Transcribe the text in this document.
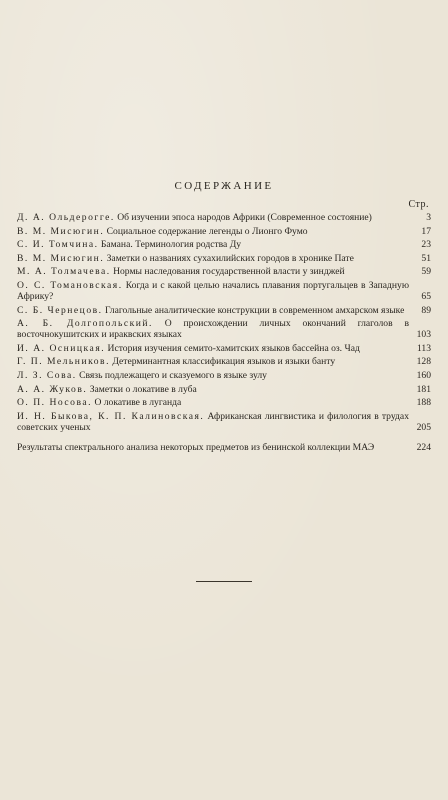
СОДЕРЖАНИЕ
Стр.
Д. А. Ольдерогге. Об изучении эпоса народов Африки (Современное состояние)	3
В. М. Мисюгин. Социальное содержание легенды о Лионго Фумо	17
С. И. Томчина. Бамана. Терминология родства Ду	23
В. М. Мисюгин. Заметки о названиях сухахилийских городов в хронике Пате	51
М. А. Толмачева. Нормы наследования государственной власти у зинджей	59
О. С. Томановская. Когда и с какой целью начались плавания португальцев в Западную Африку?	65
С. Б. Чернецов. Глагольные аналитические конструкции в современном амхарском языке	89
А. Б. Долгопольский. О происхождении личных окончаний глаголов в восточнокушитских и ираквских языках	103
И. А. Осницкая. История изучения семито-хамитских языков бассейна оз. Чад	113
Г. П. Мельников. Детерминантная классификация языков и языки банту	128
Л. З. Сова. Связь подлежащего и сказуемого в языке зулу	160
А. А. Жуков. Заметки о локативе в луба	181
О. П. Носова. О локативе в луганда	188
И. Н. Быкова, К. П. Калиновская. Африканская лингвистика и филология в трудах советских ученых	205
Результаты спектрального анализа некоторых предметов из бенинской коллекции МАЭ	224
